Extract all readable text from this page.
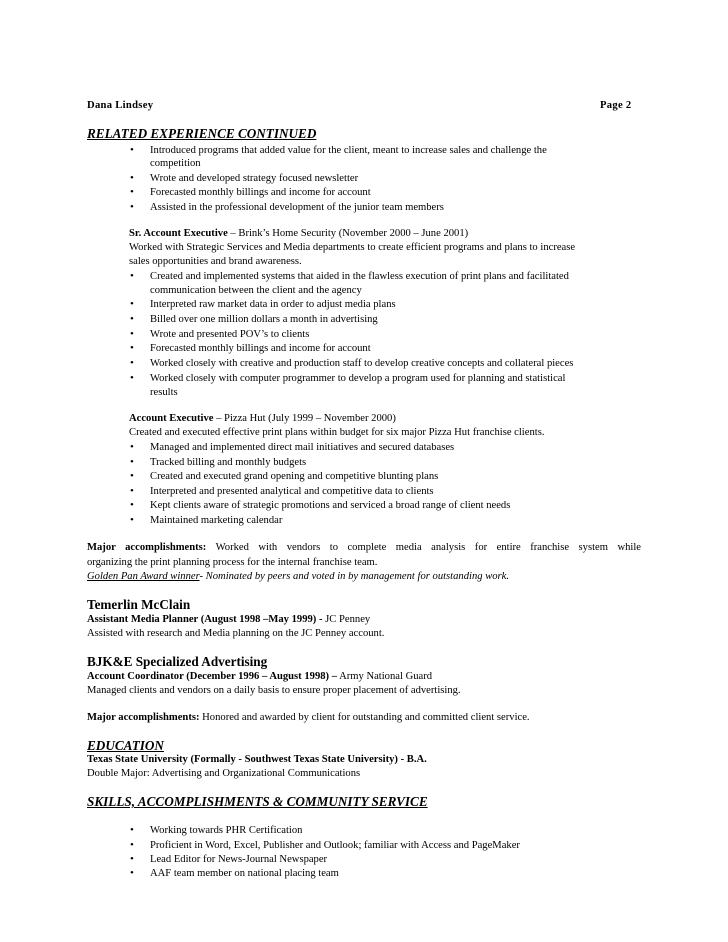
Dana Lindsey	Page 2
RELATED EXPERIENCE CONTINUED
• Introduced programs that added value for the client, meant to increase sales and challenge the
competition
• Wrote and developed strategy focused newsletter
• Forecasted monthly billings and income for account
• Assisted in the professional development of the junior team members
Sr. Account Executive – Brink’s Home Security (November 2000 – June 2001)
Worked with Strategic Services and Media departments to create efficient programs and plans to increase
sales opportunities and brand awareness.
• Created and implemented systems that aided in the flawless execution of print plans and facilitated
communication between the client and the agency
• Interpreted raw market data in order to adjust media plans
• Billed over one million dollars a month in advertising
• Wrote and presented POV’s to clients
• Forecasted monthly billings and income for account
• Worked closely with creative and production staff to develop creative concepts and collateral pieces
• Worked closely with computer programmer to develop a program used for planning and statistical
results
Account Executive – Pizza Hut (July 1999 – November 2000)
Created and executed effective print plans within budget for six major Pizza Hut franchise clients.
• Managed and implemented direct mail initiatives and secured databases
• Tracked billing and monthly budgets
• Created and executed grand opening and competitive blunting plans
• Interpreted and presented analytical and competitive data to clients
• Kept clients aware of strategic promotions and serviced a broad range of client needs
• Maintained marketing calendar
Major accomplishments: Worked with vendors to complete media analysis for entire franchise system while
organizing the print planning process for the internal franchise team.
Golden Pan Award winner- Nominated by peers and voted in by management for outstanding work.
Temerlin McClain
Assistant Media Planner (August 1998 –May 1999) - JC Penney
Assisted with research and Media planning on the JC Penney account.
BJK&E Specialized Advertising
Account Coordinator (December 1996 – August 1998) – Army National Guard
Managed clients and vendors on a daily basis to ensure proper placement of advertising.
Major accomplishments: Honored and awarded by client for outstanding and committed client service.
EDUCATION
Texas State University (Formally - Southwest Texas State University) - B.A.
Double Major: Advertising and Organizational Communications
SKILLS, ACCOMPLISHMENTS & COMMUNITY SERVICE
• Working towards PHR Certification
• Proficient in Word, Excel, Publisher and Outlook; familiar with Access and PageMaker
• Lead Editor for News-Journal Newspaper
• AAF team member on national placing team
